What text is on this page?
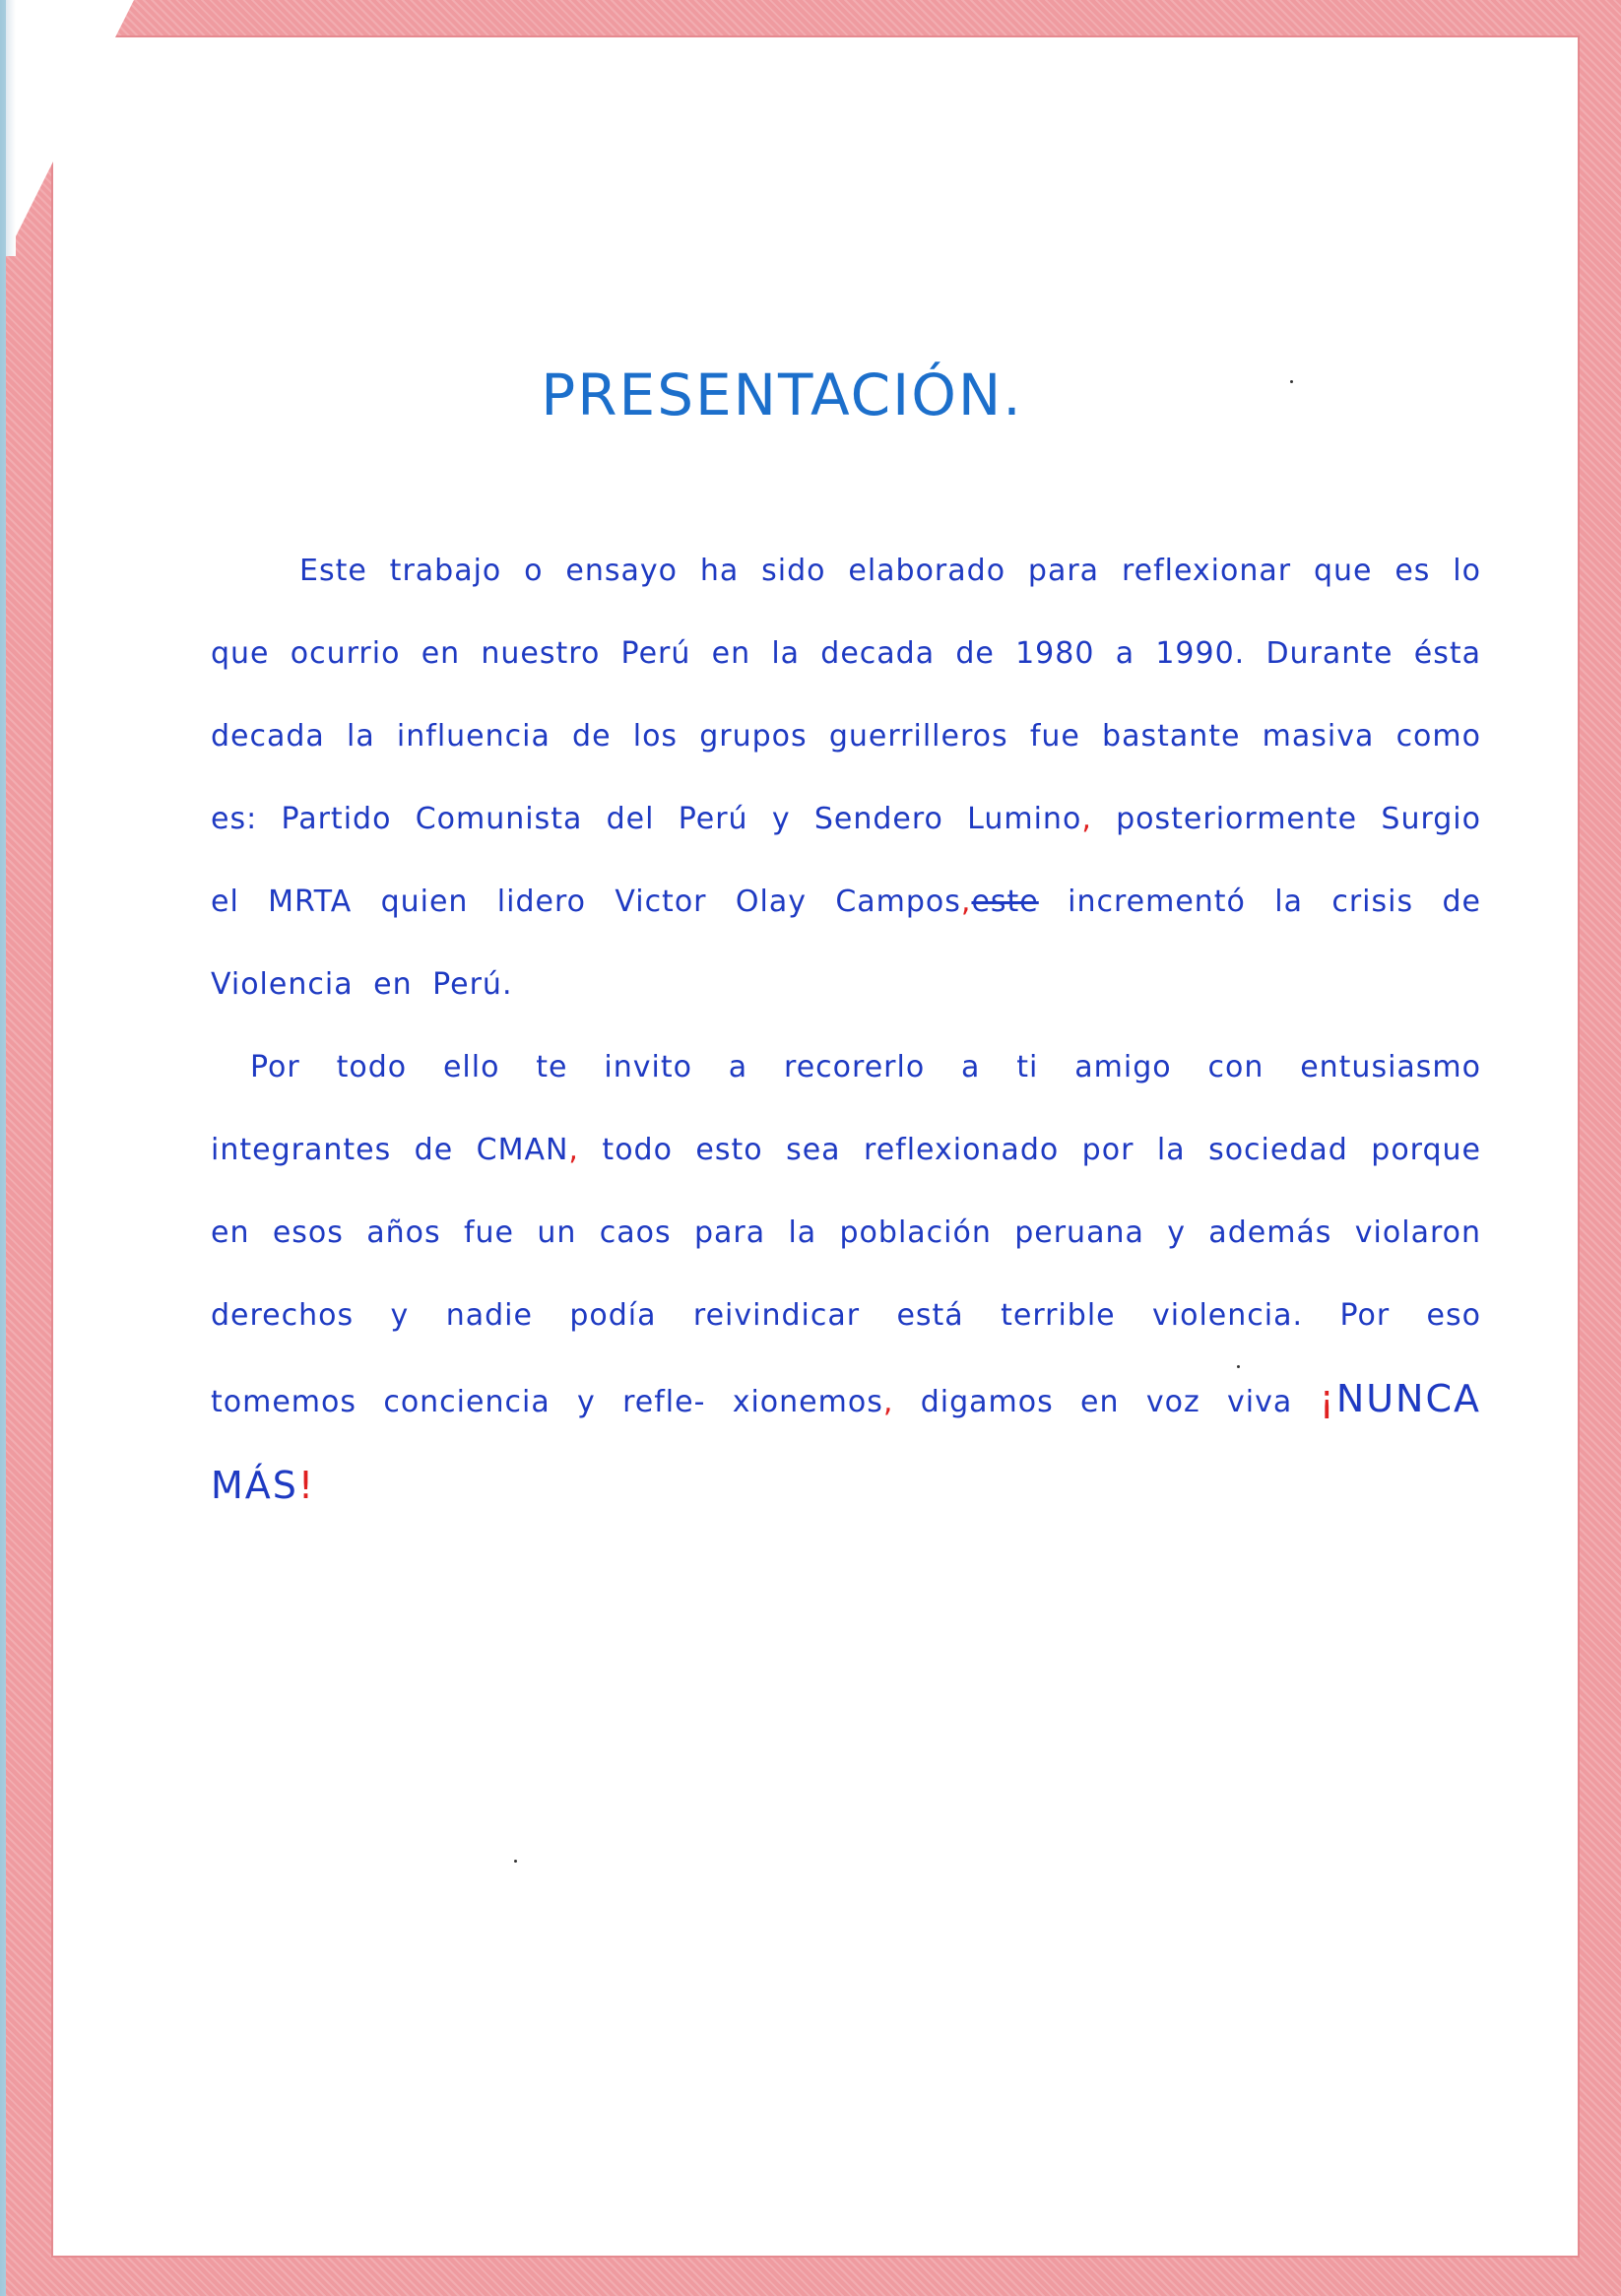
PRESENTACIÓN.

Este trabajo o ensayo ha sido elaborado para reflexionar que es lo que ocurrio en nuestro Perú en la decada de 1980 a 1990. Durante ésta decada la influencia de los grupos guerrilleros fue bastante masiva como es: Partido Comunista del Perú y Sendero Lumino, posteriormente Surgio el MRTA quien lidero Victor Olay Campos,este incrementó la crisis de Violencia en Perú.

Por todo ello te invito a recorerlo a ti amigo con entusiasmo integrantes de CMAN, todo esto sea reflexionado por la sociedad porque en esos años fue un caos para la población peruana y además violaron derechos y nadie podía reivindicar está terrible violencia. Por eso tomemos conciencia y refle- xionemos, digamos en voz viva ¡NUNCA MÁS!
